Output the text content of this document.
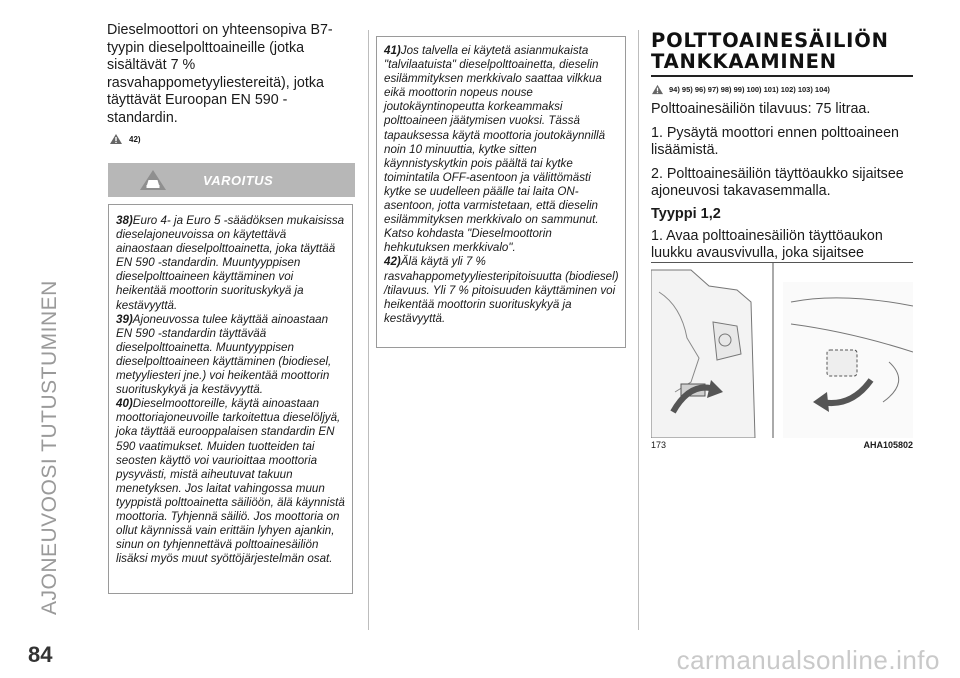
AJONEUVOOSI TUTUSTUMINEN

Dieselmoottori on yhteensopiva B7-tyypin dieselpolttoaineille (jotka sisältävät 7 % rasvahappometyyliestereitä), jotka täyttävät Euroopan EN 590 -standardin.

42)
VAROITUS

38)Euro 4- ja Euro 5 -säädöksen mukaisissa dieselajoneuvoissa on käytettävä ainaostaan dieselpolttoainetta, joka täyttää EN 590 -standardin. Muuntyyppisen dieselpolttoaineen käyttäminen voi heikentää moottorin suorituskykyä ja kestävyyttä.

39)Ajoneuvossa tulee käyttää ainoastaan EN 590 -standardin täyttävää dieselpolttoainetta. Muuntyyppisen dieselpolttoaineen käyttäminen (biodiesel, metyyliesteri jne.) voi heikentää moottorin suorituskykyä ja kestävyyttä.

40)Dieselmoottoreille, käytä ainoastaan moottoriajoneuvoille tarkoitettua dieselöljyä, joka täyttää eurooppalaisen standardin EN 590 vaatimukset. Muiden tuotteiden tai seosten käyttö voi vaurioittaa moottoria pysyvästi, mistä aiheutuvat takuun menetyksen. Jos laitat vahingossa muun tyyppistä polttoainetta säiliöön, älä käynnistä moottoria. Tyhjennä säiliö. Jos moottoria on ollut käynnissä vain erittäin lyhyen ajankin, sinun on tyhjennettävä polttoainesäiliön lisäksi myös muut syöttöjärjestelmän osat.

41)Jos talvella ei käytetä asianmukaista "talvilaatuista" dieselpolttoainetta, dieselin esilämmityksen merkkivalo saattaa vilkkua eikä moottorin nopeus nouse joutokäyntinopeutta korkeammaksi polttoaineen jäätymisen vuoksi. Tässä tapauksessa käytä moottoria joutokäynnillä noin 10 minuuttia, kytke sitten käynnistyskytkin pois päältä tai kytke toimintatila OFF-asentoon ja välittömästi kytke se uudelleen päälle tai laita ON-asentoon, jotta varmistetaan, että dieselin esilämmityksen merkkivalo on sammunut. Katso kohdasta "Dieselmoottorin hehkutuksen merkkivalo".

42)Älä käytä yli 7 % rasvahappometyyliesteripitoisuutta (biodiesel) /tilavuus. Yli 7 % pitoisuuden käyttäminen voi heikentää moottorin suorituskykyä ja kestävyyttä.

POLTTOAINESÄILIÖN
TANKKAAMINEN
94) 95) 96) 97) 98) 99) 100) 101) 102) 103) 104)

Polttoainesäiliön tilavuus: 75 litraa.

1. Pysäytä moottori ennen polttoaineen lisäämistä.

2. Polttoainesäiliön täyttöaukko sijaitsee ajoneuvosi takavasemmalla.

Tyyppi 1,2

1. Avaa polttoainesäiliön täyttöaukon luukku avausvivulla, joka sijaitsee

173	AHA105802
84	carmanualsonline.info
